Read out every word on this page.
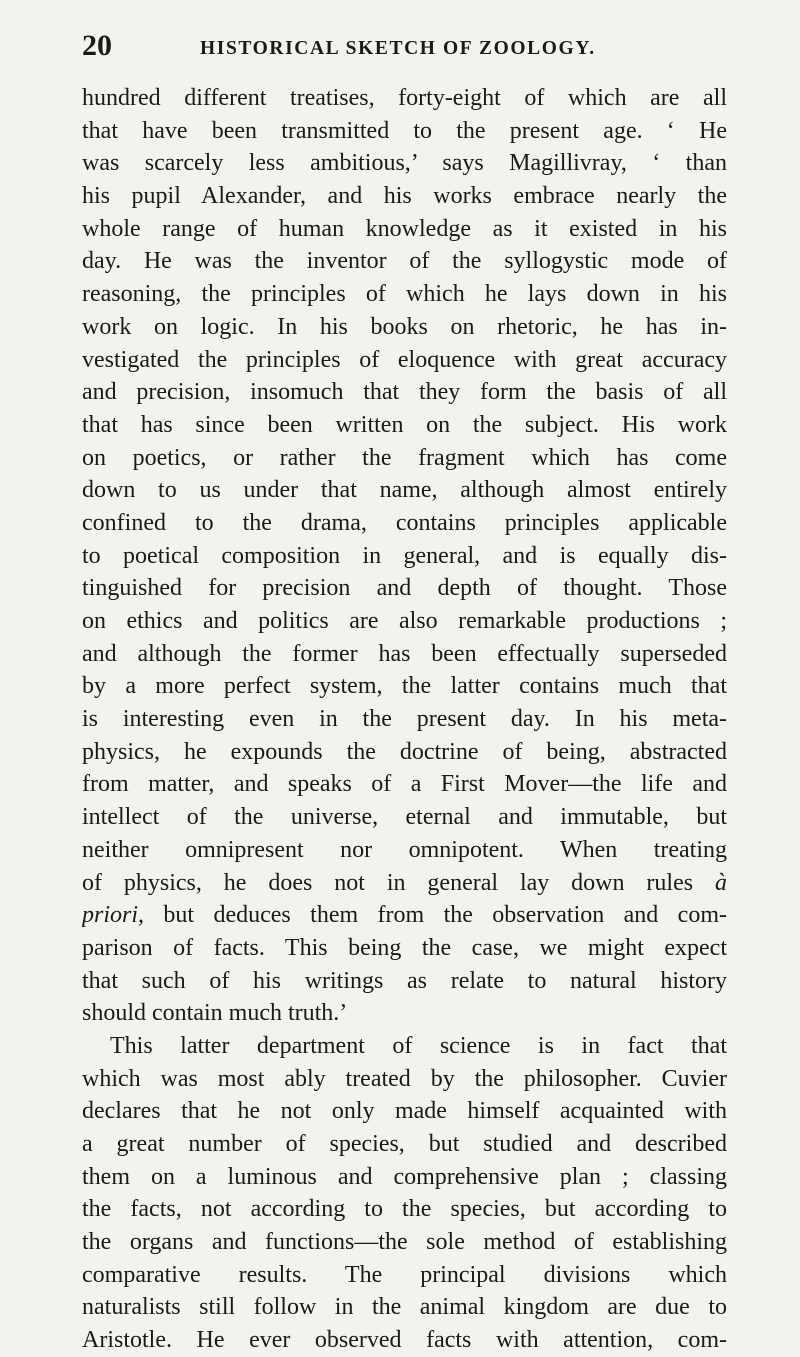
20	HISTORICAL SKETCH OF ZOOLOGY.
hundred different treatises, forty-eight of which are all
that have been transmitted to the present age. ‘ He
was scarcely less ambitious,’ says Magillivray, ‘ than
his pupil Alexander, and his works embrace nearly the
whole range of human knowledge as it existed in his
day. He was the inventor of the syllogystic mode of
reasoning, the principles of which he lays down in his
work on logic. In his books on rhetoric, he has in-
vestigated the principles of eloquence with great accuracy
and precision, insomuch that they form the basis of all
that has since been written on the subject. His work
on poetics, or rather the fragment which has come
down to us under that name, although almost entirely
confined to the drama, contains principles applicable
to poetical composition in general, and is equally dis-
tinguished for precision and depth of thought. Those
on ethics and politics are also remarkable productions ;
and although the former has been effectually superseded
by a more perfect system, the latter contains much that
is interesting even in the present day. In his meta-
physics, he expounds the doctrine of being, abstracted
from matter, and speaks of a First Mover—the life and
intellect of the universe, eternal and immutable, but
neither omnipresent nor omnipotent. When treating
of physics, he does not in general lay down rules à
priori, but deduces them from the observation and com-
parison of facts. This being the case, we might expect
that such of his writings as relate to natural history
should contain much truth.’
This latter department of science is in fact that
which was most ably treated by the philosopher. Cuvier
declares that he not only made himself acquainted with
a great number of species, but studied and described
them on a luminous and comprehensive plan ; classing
the facts, not according to the species, but according to
the organs and functions—the sole method of establishing
comparative results. The principal divisions which
naturalists still follow in the animal kingdom are due to
Aristotle. He ever observed facts with attention, com-
